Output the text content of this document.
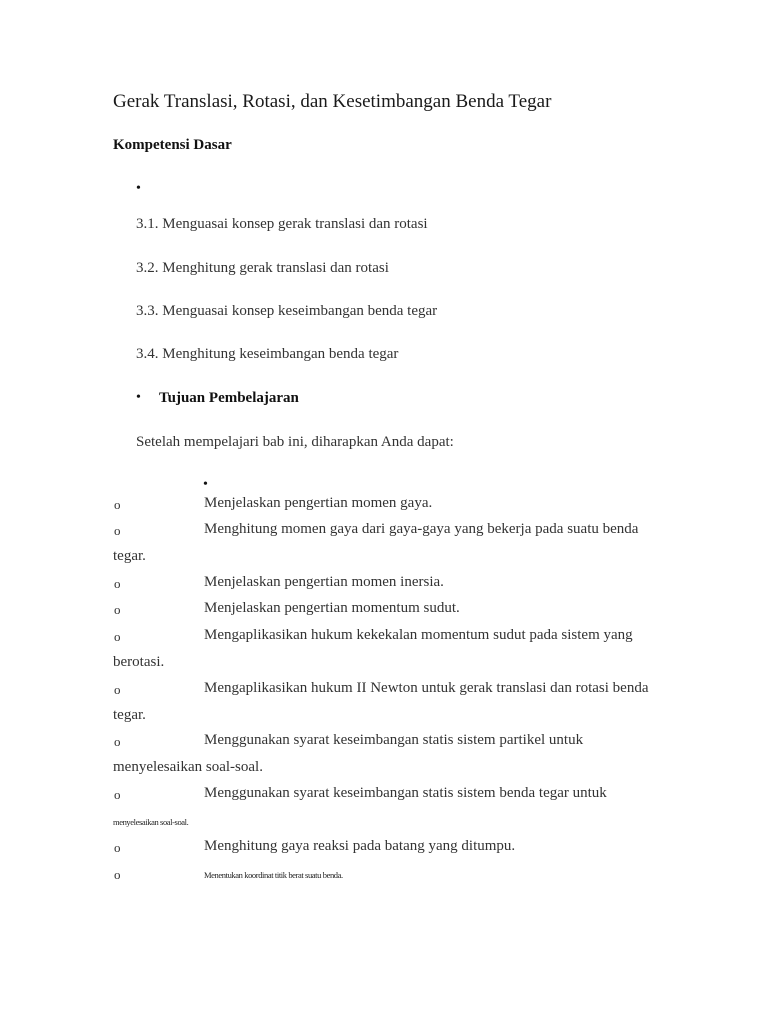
Gerak Translasi, Rotasi, dan Kesetimbangan Benda Tegar
Kompetensi Dasar
•
3.1. Menguasai konsep gerak translasi dan rotasi
3.2. Menghitung gerak translasi dan rotasi
3.3. Menguasai konsep keseimbangan benda tegar
3.4. Menghitung keseimbangan benda tegar
• Tujuan Pembelajaran
Setelah mempelajari bab ini, diharapkan Anda dapat:
•
o	Menjelaskan pengertian momen gaya.
o	Menghitung momen gaya dari gaya-gaya yang bekerja pada suatu benda
tegar.
o	Menjelaskan pengertian momen inersia.
o	Menjelaskan pengertian momentum sudut.
o	Mengaplikasikan hukum kekekalan momentum sudut pada sistem yang
berotasi.
o	Mengaplikasikan hukum II Newton untuk gerak translasi dan rotasi benda
tegar.
o	Menggunakan syarat keseimbangan statis sistem partikel untuk
menyelesaikan soal-soal.
o	Menggunakan syarat keseimbangan statis sistem benda tegar untuk
menyelesaikan soal-soal.
o	Menghitung gaya reaksi pada batang yang ditumpu.
o	Menentukan koordinat titik berat suatu benda.
